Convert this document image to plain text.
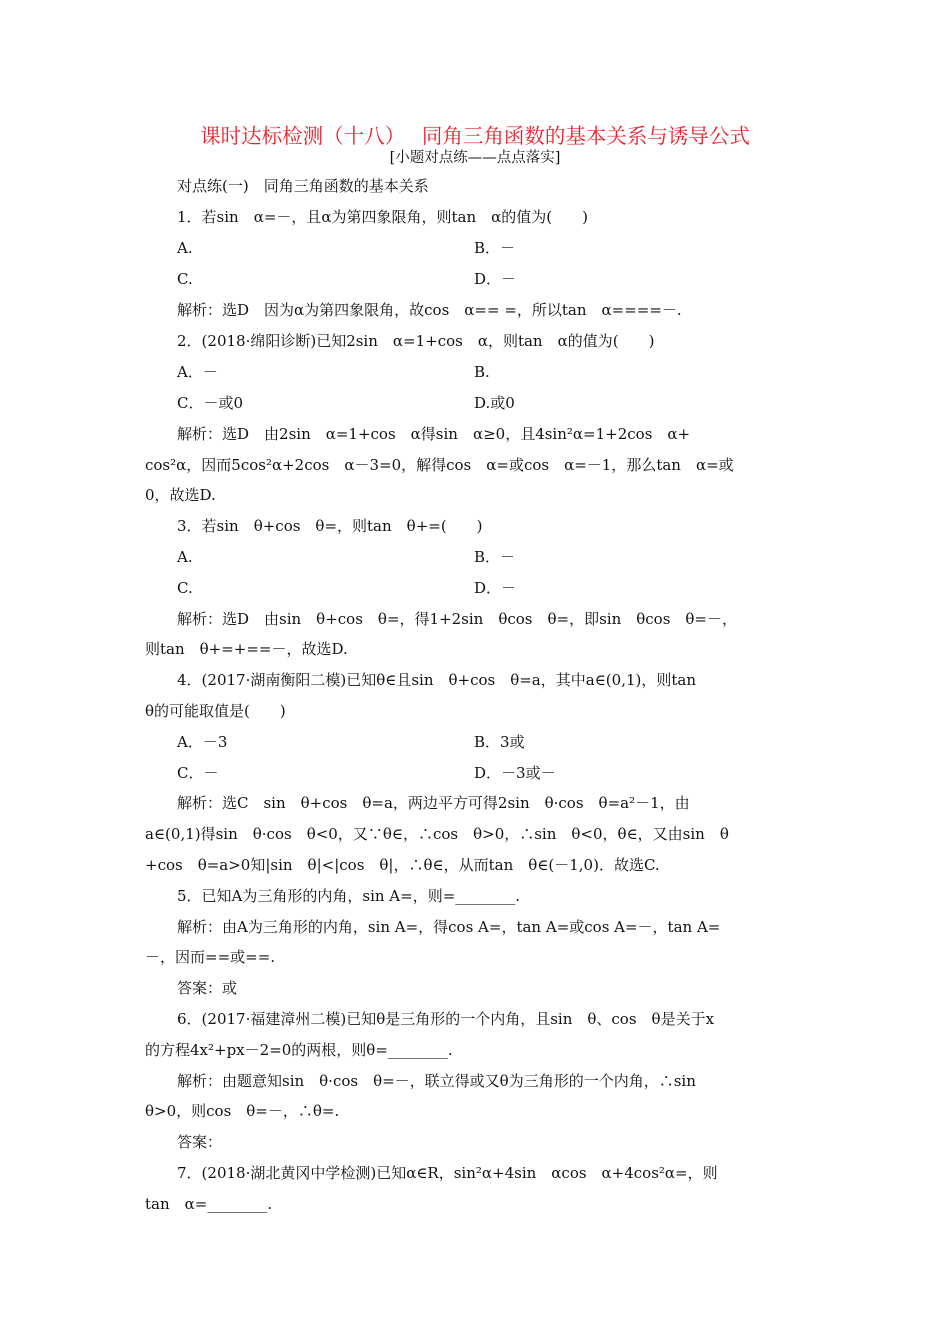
课时达标检测（十八）　 同角三角函数的基本关系与诱导公式
[小题对点练——点点落实]
对点练(一)　同角三角函数的基本关系
1．若sin　α=－，且α为第四象限角，则tan　α的值为(　　)
A.	B．－
C.	D．－
解析：选D　因为α为第四象限角，故cos　α== =，所以tan　α====－.
2．(2018·绵阳诊断)已知2sin　α=1+cos　α，则tan　α的值为(　　)
A．－	B.
C．－或0	D.或0
解析：选D　由2sin　α=1+cos　α得sin　α≥0，且4sin²α=1+2cos　α+
cos²α，因而5cos²α+2cos　α－3=0，解得cos　α=或cos　α=－1，那么tan　α=或
0，故选D.
3．若sin　θ+cos　θ=，则tan　θ+=(　　)
A.	B．－
C.	D．－
解析：选D　由sin　θ+cos　θ=，得1+2sin　θcos　θ=，即sin　θcos　θ=－，
则tan　θ+=+==－，故选D.
4．(2017·湖南衡阳二模)已知θ∈且sin　θ+cos　θ=a，其中a∈(0,1)，则tan
θ的可能取值是(　　)
A．－3	B．3或
C．－	D．－3或－
解析：选C　sin　θ+cos　θ=a，两边平方可得2sin　θ·cos　θ=a²－1，由
a∈(0,1)得sin　θ·cos　θ<0，又∵θ∈，∴cos　θ>0，∴sin　θ<0，θ∈，又由sin　θ
+cos　θ=a>0知|sin　θ|<|cos　θ|，∴θ∈，从而tan　θ∈(－1,0)．故选C.
5．已知A为三角形的内角，sin A=，则=________.
解析：由A为三角形的内角，sin A=，得cos A=，tan A=或cos A=－，tan A=
－，因而==或==.
答案：或
6．(2017·福建漳州二模)已知θ是三角形的一个内角，且sin　θ、cos　θ是关于x
的方程4x²+px－2=0的两根，则θ=________.
解析：由题意知sin　θ·cos　θ=－，联立得或又θ为三角形的一个内角，∴sin
θ>0，则cos　θ=－，∴θ=.
答案：
7．(2018·湖北黄冈中学检测)已知α∈R，sin²α+4sin　αcos　α+4cos²α=，则
tan　α=________.
